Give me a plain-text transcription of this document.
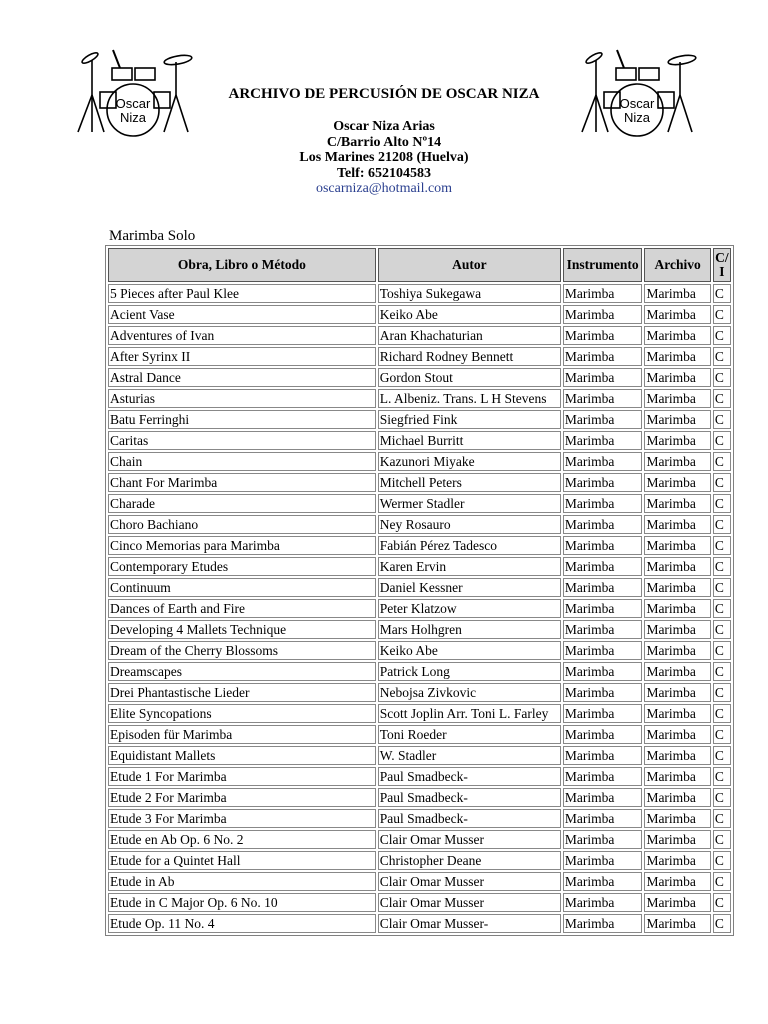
Oscar
Niza
Oscar
Niza
ARCHIVO DE PERCUSIÓN DE OSCAR NIZA
Oscar Niza Arias
C/Barrio Alto Nº14
Los Marines 21208 (Huelva)
Telf: 652104583
oscarniza@hotmail.com
Marimba Solo
Obra, Libro o Método	Autor	Instrumento	Archivo	C/ I
5 Pieces after Paul Klee	Toshiya Sukegawa	Marimba	Marimba	C
Acient Vase	Keiko Abe	Marimba	Marimba	C
Adventures of Ivan	Aran Khachaturian	Marimba	Marimba	C
After Syrinx II	Richard Rodney Bennett	Marimba	Marimba	C
Astral Dance	Gordon Stout	Marimba	Marimba	C
Asturias	L. Albeniz. Trans. L H Stevens	Marimba	Marimba	C
Batu Ferringhi	Siegfried Fink	Marimba	Marimba	C
Caritas	Michael Burritt	Marimba	Marimba	C
Chain	Kazunori Miyake	Marimba	Marimba	C
Chant For Marimba	Mitchell Peters	Marimba	Marimba	C
Charade	Wermer Stadler	Marimba	Marimba	C
Choro Bachiano	Ney Rosauro	Marimba	Marimba	C
Cinco Memorias para Marimba	Fabián Pérez Tadesco	Marimba	Marimba	C
Contemporary Etudes	Karen Ervin	Marimba	Marimba	C
Continuum	Daniel Kessner	Marimba	Marimba	C
Dances of Earth and Fire	Peter Klatzow	Marimba	Marimba	C
Developing 4 Mallets Technique	Mars Holhgren	Marimba	Marimba	C
Dream of the Cherry Blossoms	Keiko Abe	Marimba	Marimba	C
Dreamscapes	Patrick Long	Marimba	Marimba	C
Drei Phantastische Lieder	Nebojsa Zivkovic	Marimba	Marimba	C
Elite Syncopations	Scott Joplin Arr. Toni L. Farley	Marimba	Marimba	C
Episoden für Marimba	Toni Roeder	Marimba	Marimba	C
Equidistant Mallets	W. Stadler	Marimba	Marimba	C
Etude 1 For Marimba	Paul Smadbeck-	Marimba	Marimba	C
Etude 2 For Marimba	Paul Smadbeck-	Marimba	Marimba	C
Etude 3 For Marimba	Paul Smadbeck-	Marimba	Marimba	C
Etude en Ab Op. 6 No. 2	Clair Omar Musser	Marimba	Marimba	C
Etude for a Quintet Hall	Christopher Deane	Marimba	Marimba	C
Etude in Ab	Clair Omar Musser	Marimba	Marimba	C
Etude in C Major Op. 6 No. 10	Clair Omar Musser	Marimba	Marimba	C
Etude Op. 11 No. 4	Clair Omar Musser-	Marimba	Marimba	C
